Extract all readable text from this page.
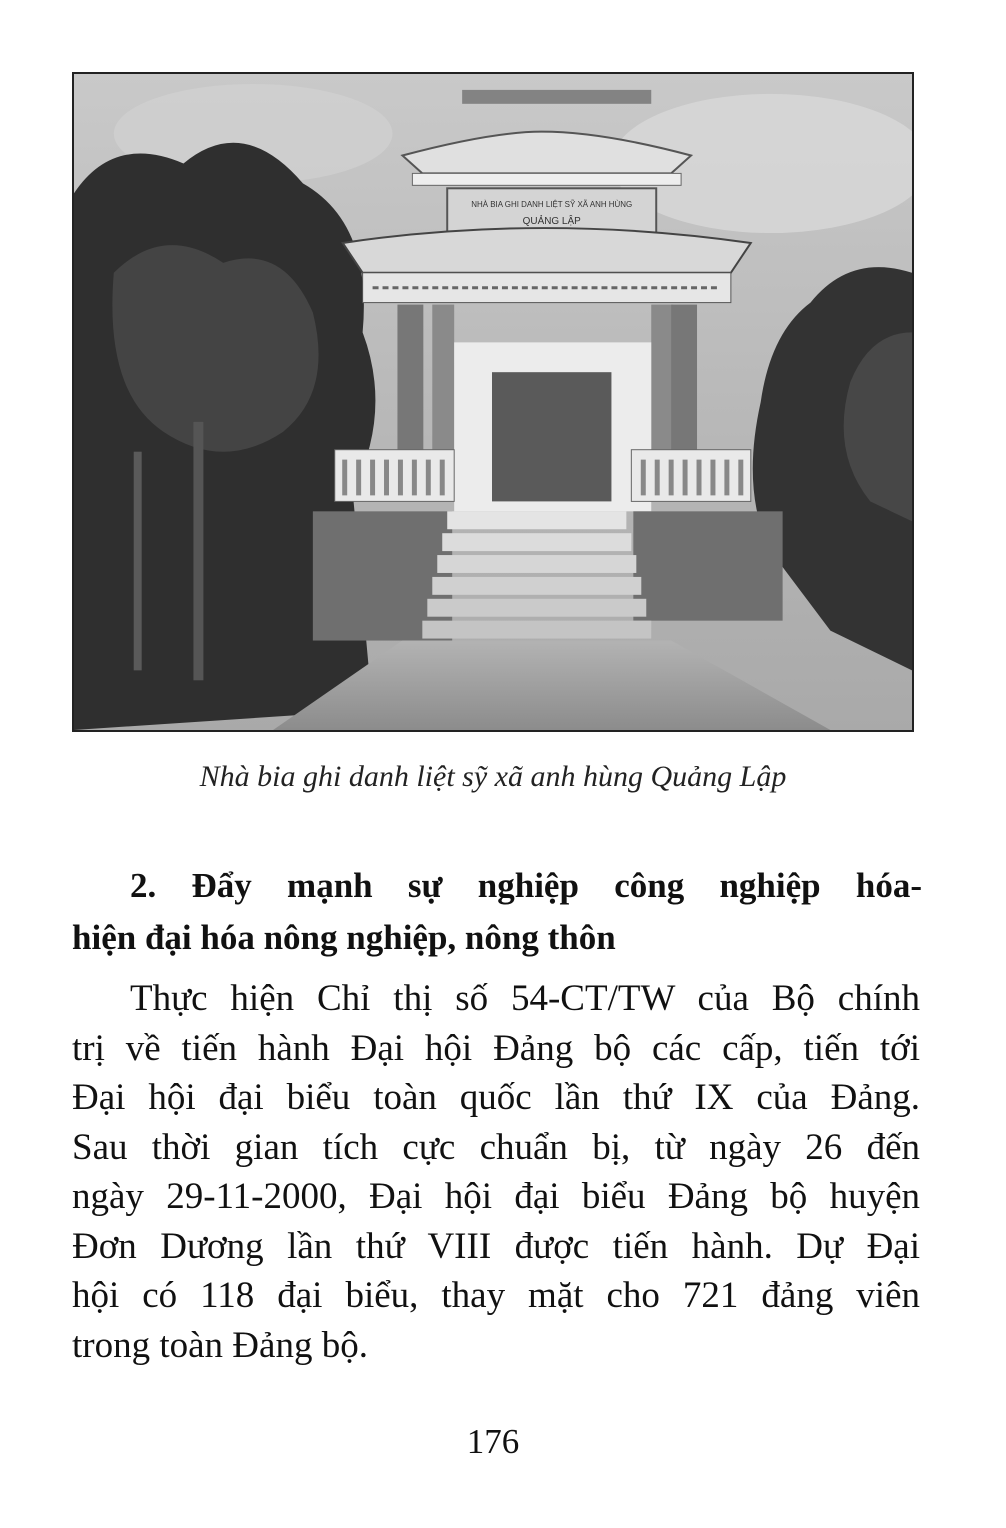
NHÀ BIA GHI DANH LIỆT SỸ XÃ ANH HÙNG
QUẢNG LẬP
Nhà bia ghi danh liệt sỹ xã anh hùng Quảng Lập
2. Đẩy mạnh sự nghiệp công nghiệp hóa-
hiện đại hóa nông nghiệp, nông thôn
Thực hiện Chỉ thị số 54-CT/TW của Bộ chính
trị về tiến hành Đại hội Đảng bộ các cấp, tiến tới
Đại hội đại biểu toàn quốc lần thứ IX của Đảng.
Sau thời gian tích cực chuẩn bị, từ ngày 26 đến
ngày 29-11-2000, Đại hội đại biểu Đảng bộ huyện
Đơn Dương lần thứ VIII được tiến hành. Dự Đại
hội có 118 đại biểu, thay mặt cho 721 đảng viên
trong toàn Đảng bộ.
176
